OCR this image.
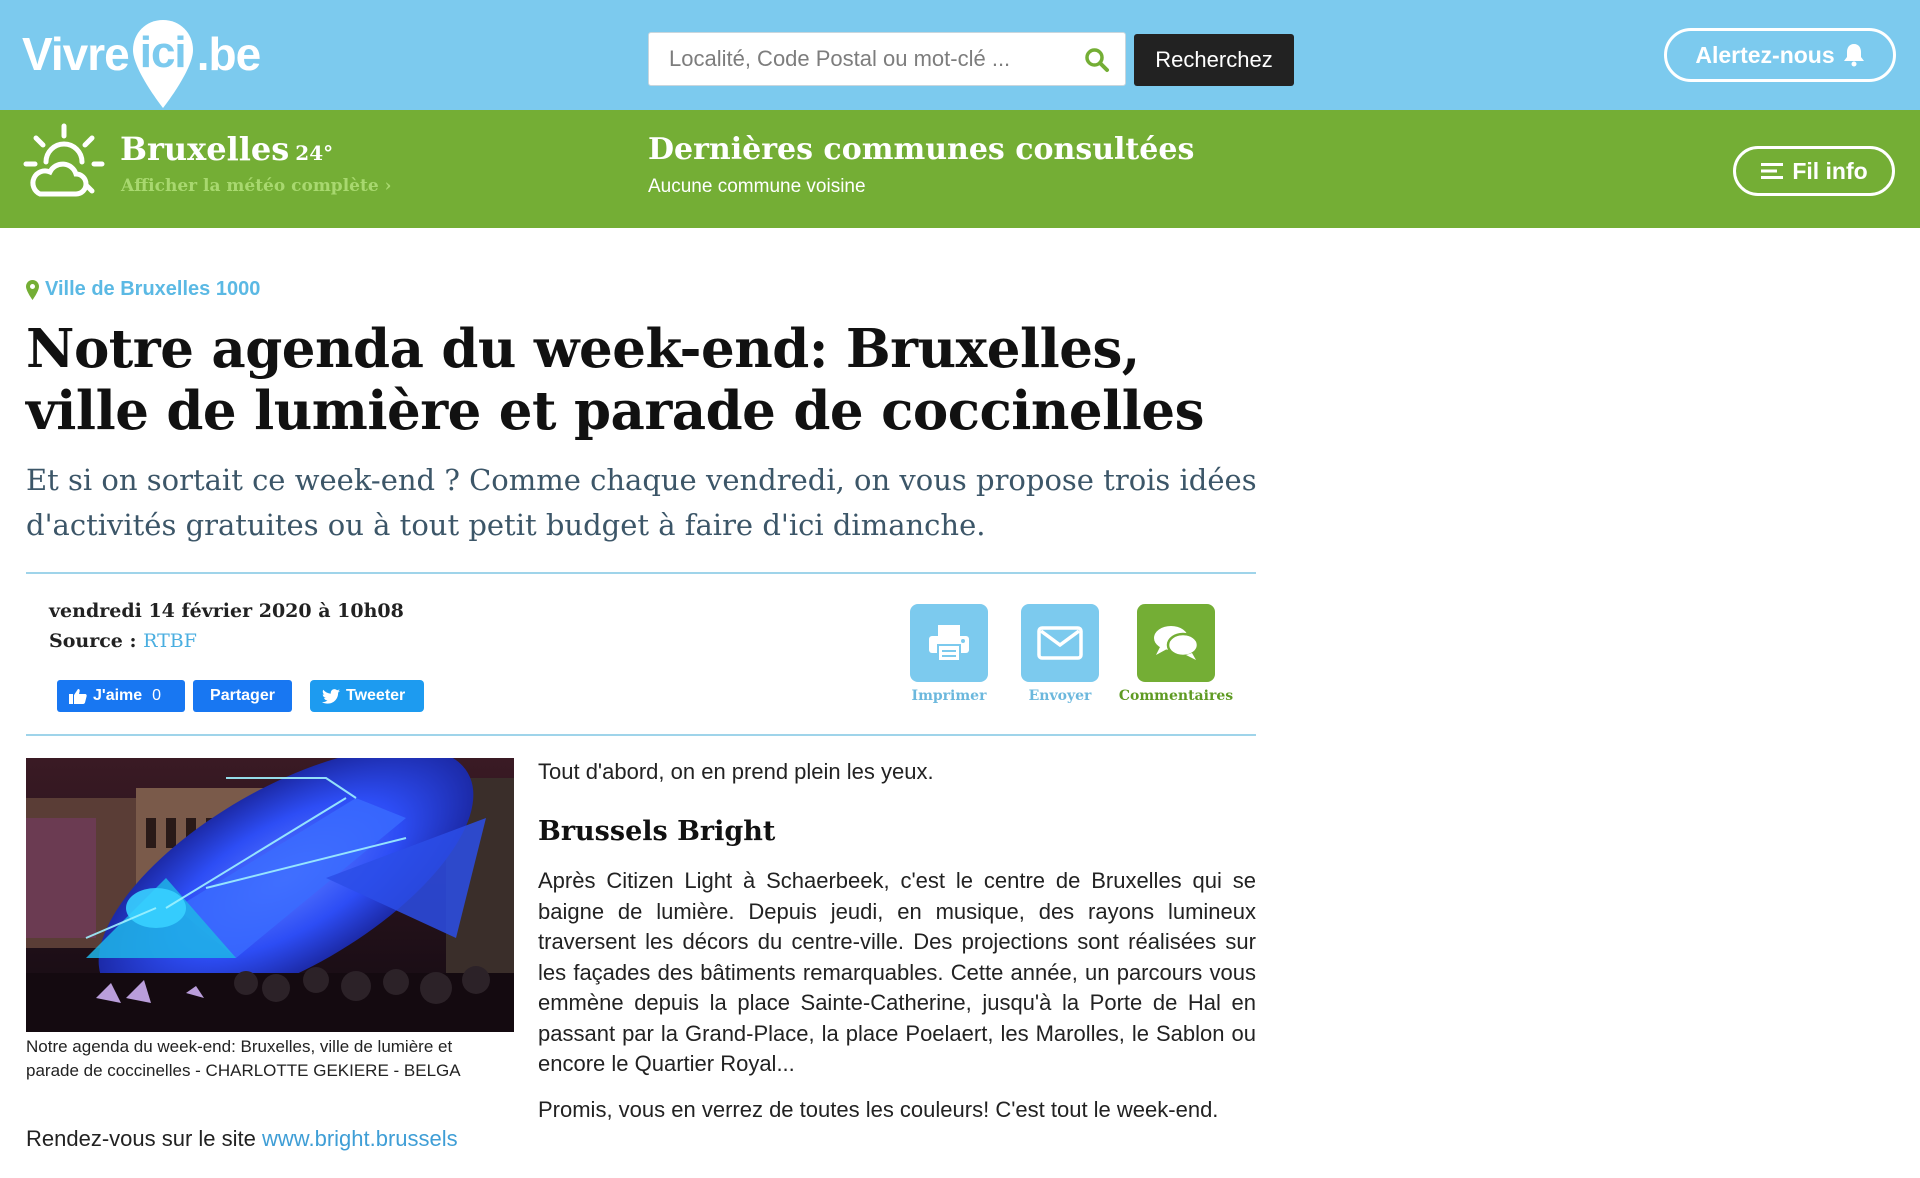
Vivre ici .be
Localité, Code Postal ou mot-clé ...	Recherchez	Alertez-nous
Bruxelles 24°
Afficher la météo complète ›
Dernières communes consultées
Aucune commune voisine
Fil info
Ville de Bruxelles 1000
Notre agenda du week-end: Bruxelles, ville de lumière et parade de coccinelles

Et si on sortait ce week-end ? Comme chaque vendredi, on vous propose trois idées d'activités gratuites ou à tout petit budget à faire d'ici dimanche.

vendredi 14 février 2020 à 10h08
Source : RTBF
J'aime 0	Partager	Tweeter	Imprimer	Envoyer	Commentaires
Notre agenda du week-end: Bruxelles, ville de lumière et parade de coccinelles - CHARLOTTE GEKIERE - BELGA
Tout d'abord, on en prend plein les yeux.
Brussels Bright

Après Citizen Light à Schaerbeek, c'est le centre de Bruxelles qui se baigne de lumière. Depuis jeudi, en musique, des rayons lumineux traversent les décors du centre-ville. Des projections sont réalisées sur les façades des bâtiments remarquables. Cette année, un parcours vous emmène depuis la place Sainte-Catherine, jusqu'à la Porte de Hal en passant par la Grand-Place, la place Poelaert, les Marolles, le Sablon ou encore le Quartier Royal...

Promis, vous en verrez de toutes les couleurs! C'est tout le week-end.

Rendez-vous sur le site www.bright.brussels
